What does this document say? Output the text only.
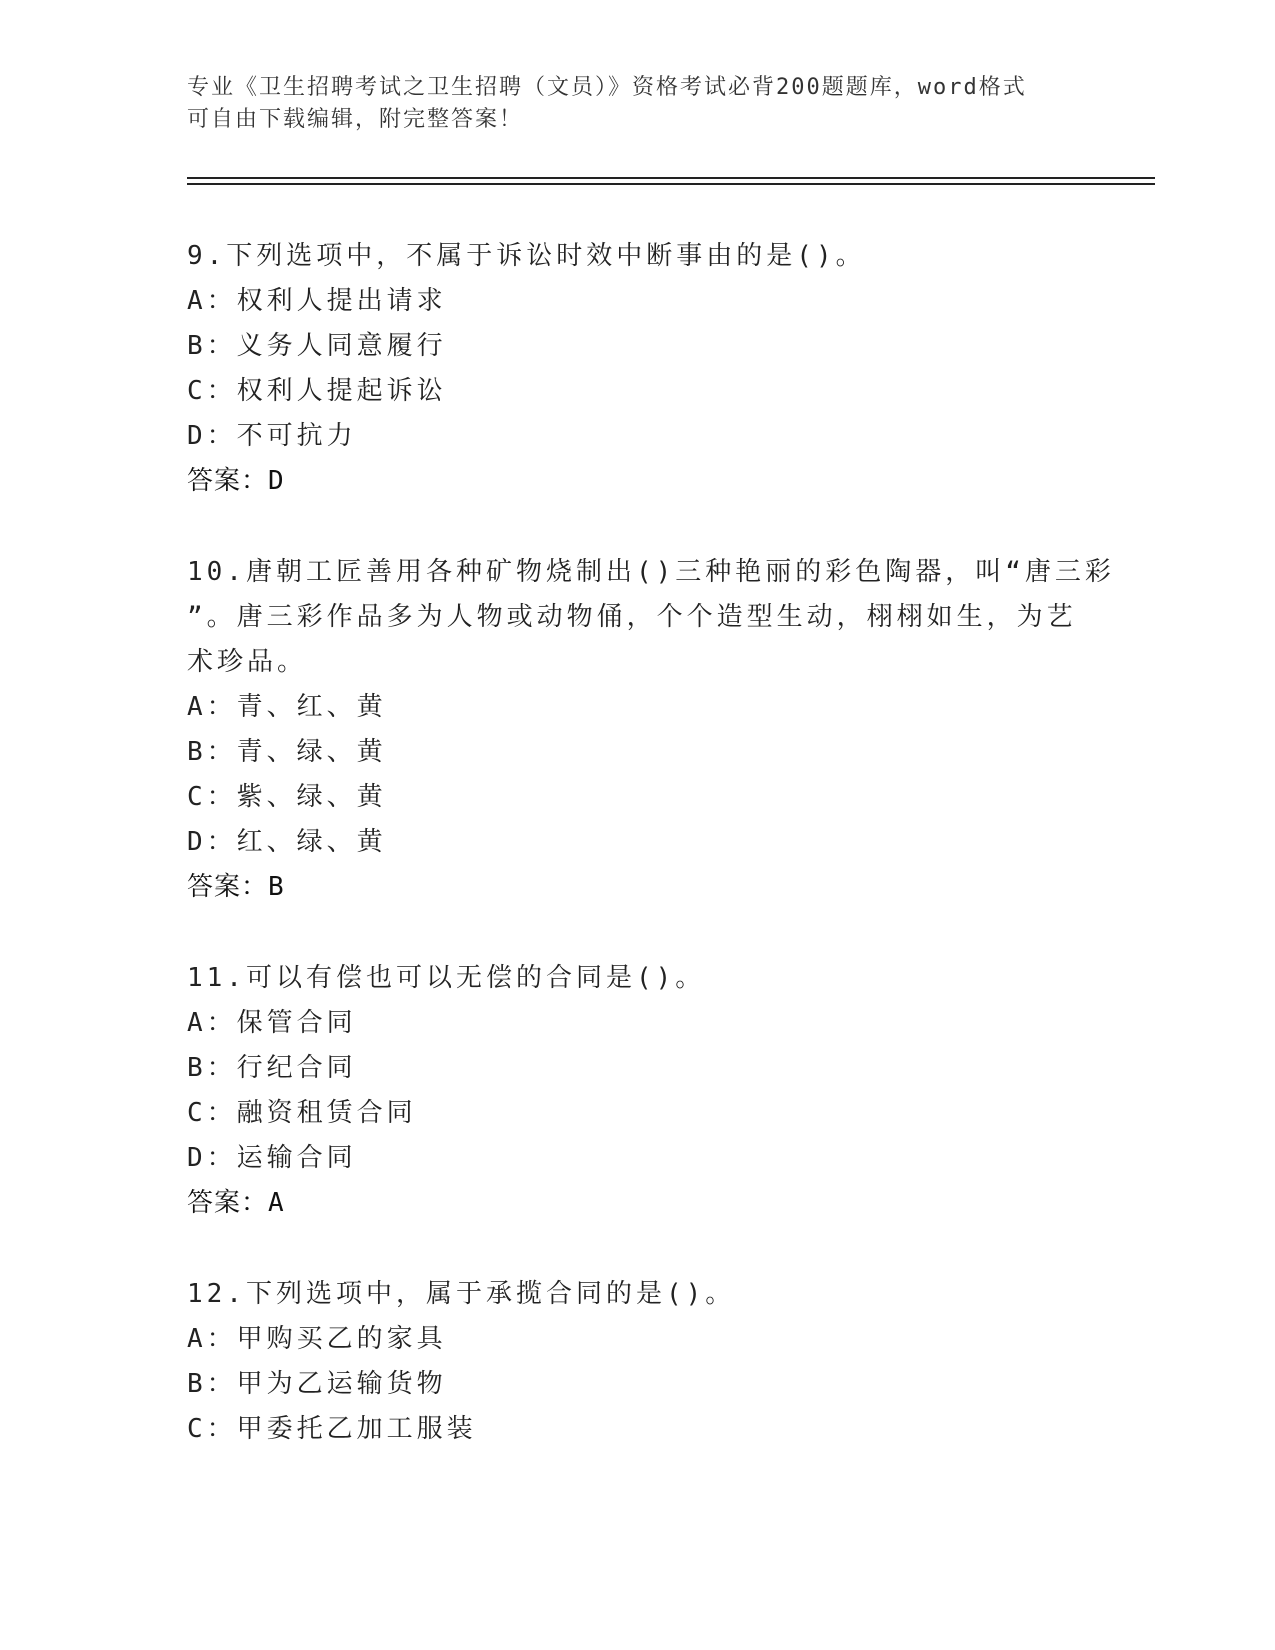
专业《卫生招聘考试之卫生招聘（文员）》资格考试必背200题题库，word格式
可自由下载编辑，附完整答案！
9.下列选项中，不属于诉讼时效中断事由的是()。
A：权利人提出请求
B：义务人同意履行
C：权利人提起诉讼
D：不可抗力
答案：D
10.唐朝工匠善用各种矿物烧制出()三种艳丽的彩色陶器，叫“唐三彩
”。唐三彩作品多为人物或动物俑，个个造型生动，栩栩如生，为艺
术珍品。
A：青、红、黄
B：青、绿、黄
C：紫、绿、黄
D：红、绿、黄
答案：B
11.可以有偿也可以无偿的合同是()。
A：保管合同
B：行纪合同
C：融资租赁合同
D：运输合同
答案：A
12.下列选项中，属于承揽合同的是()。
A：甲购买乙的家具
B：甲为乙运输货物
C：甲委托乙加工服装
